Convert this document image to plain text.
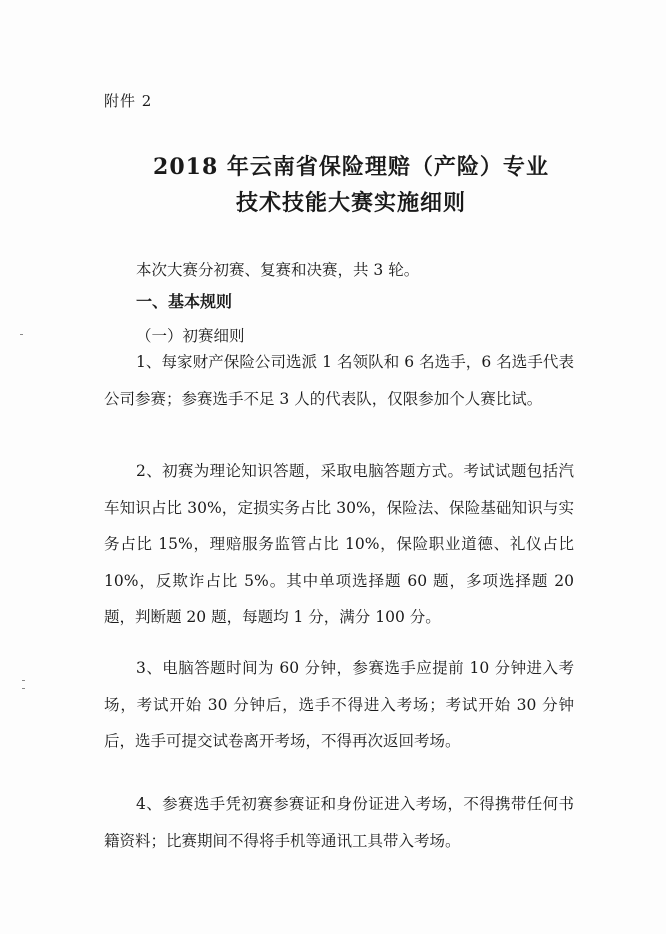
附件 2
2018 年云南省保险理赔（产险）专业
技术技能大赛实施细则
本次大赛分初赛、复赛和决赛，共 3 轮。
一、基本规则
（一）初赛细则
1、每家财产保险公司选派 1 名领队和 6 名选手，6 名选手代表公司参赛；参赛选手不足 3 人的代表队，仅限参加个人赛比试。
2、初赛为理论知识答题，采取电脑答题方式。考试试题包括汽车知识占比 30%，定损实务占比 30%，保险法、保险基础知识与实务占比 15%，理赔服务监管占比 10%，保险职业道德、礼仪占比 10%，反欺诈占比 5%。其中单项选择题 60 题，多项选择题 20 题，判断题 20 题，每题均 1 分，满分 100 分。
3、电脑答题时间为 60 分钟，参赛选手应提前 10 分钟进入考场，考试开始 30 分钟后，选手不得进入考场；考试开始 30 分钟后，选手可提交试卷离开考场，不得再次返回考场。
4、参赛选手凭初赛参赛证和身份证进入考场，不得携带任何书籍资料；比赛期间不得将手机等通讯工具带入考场。
